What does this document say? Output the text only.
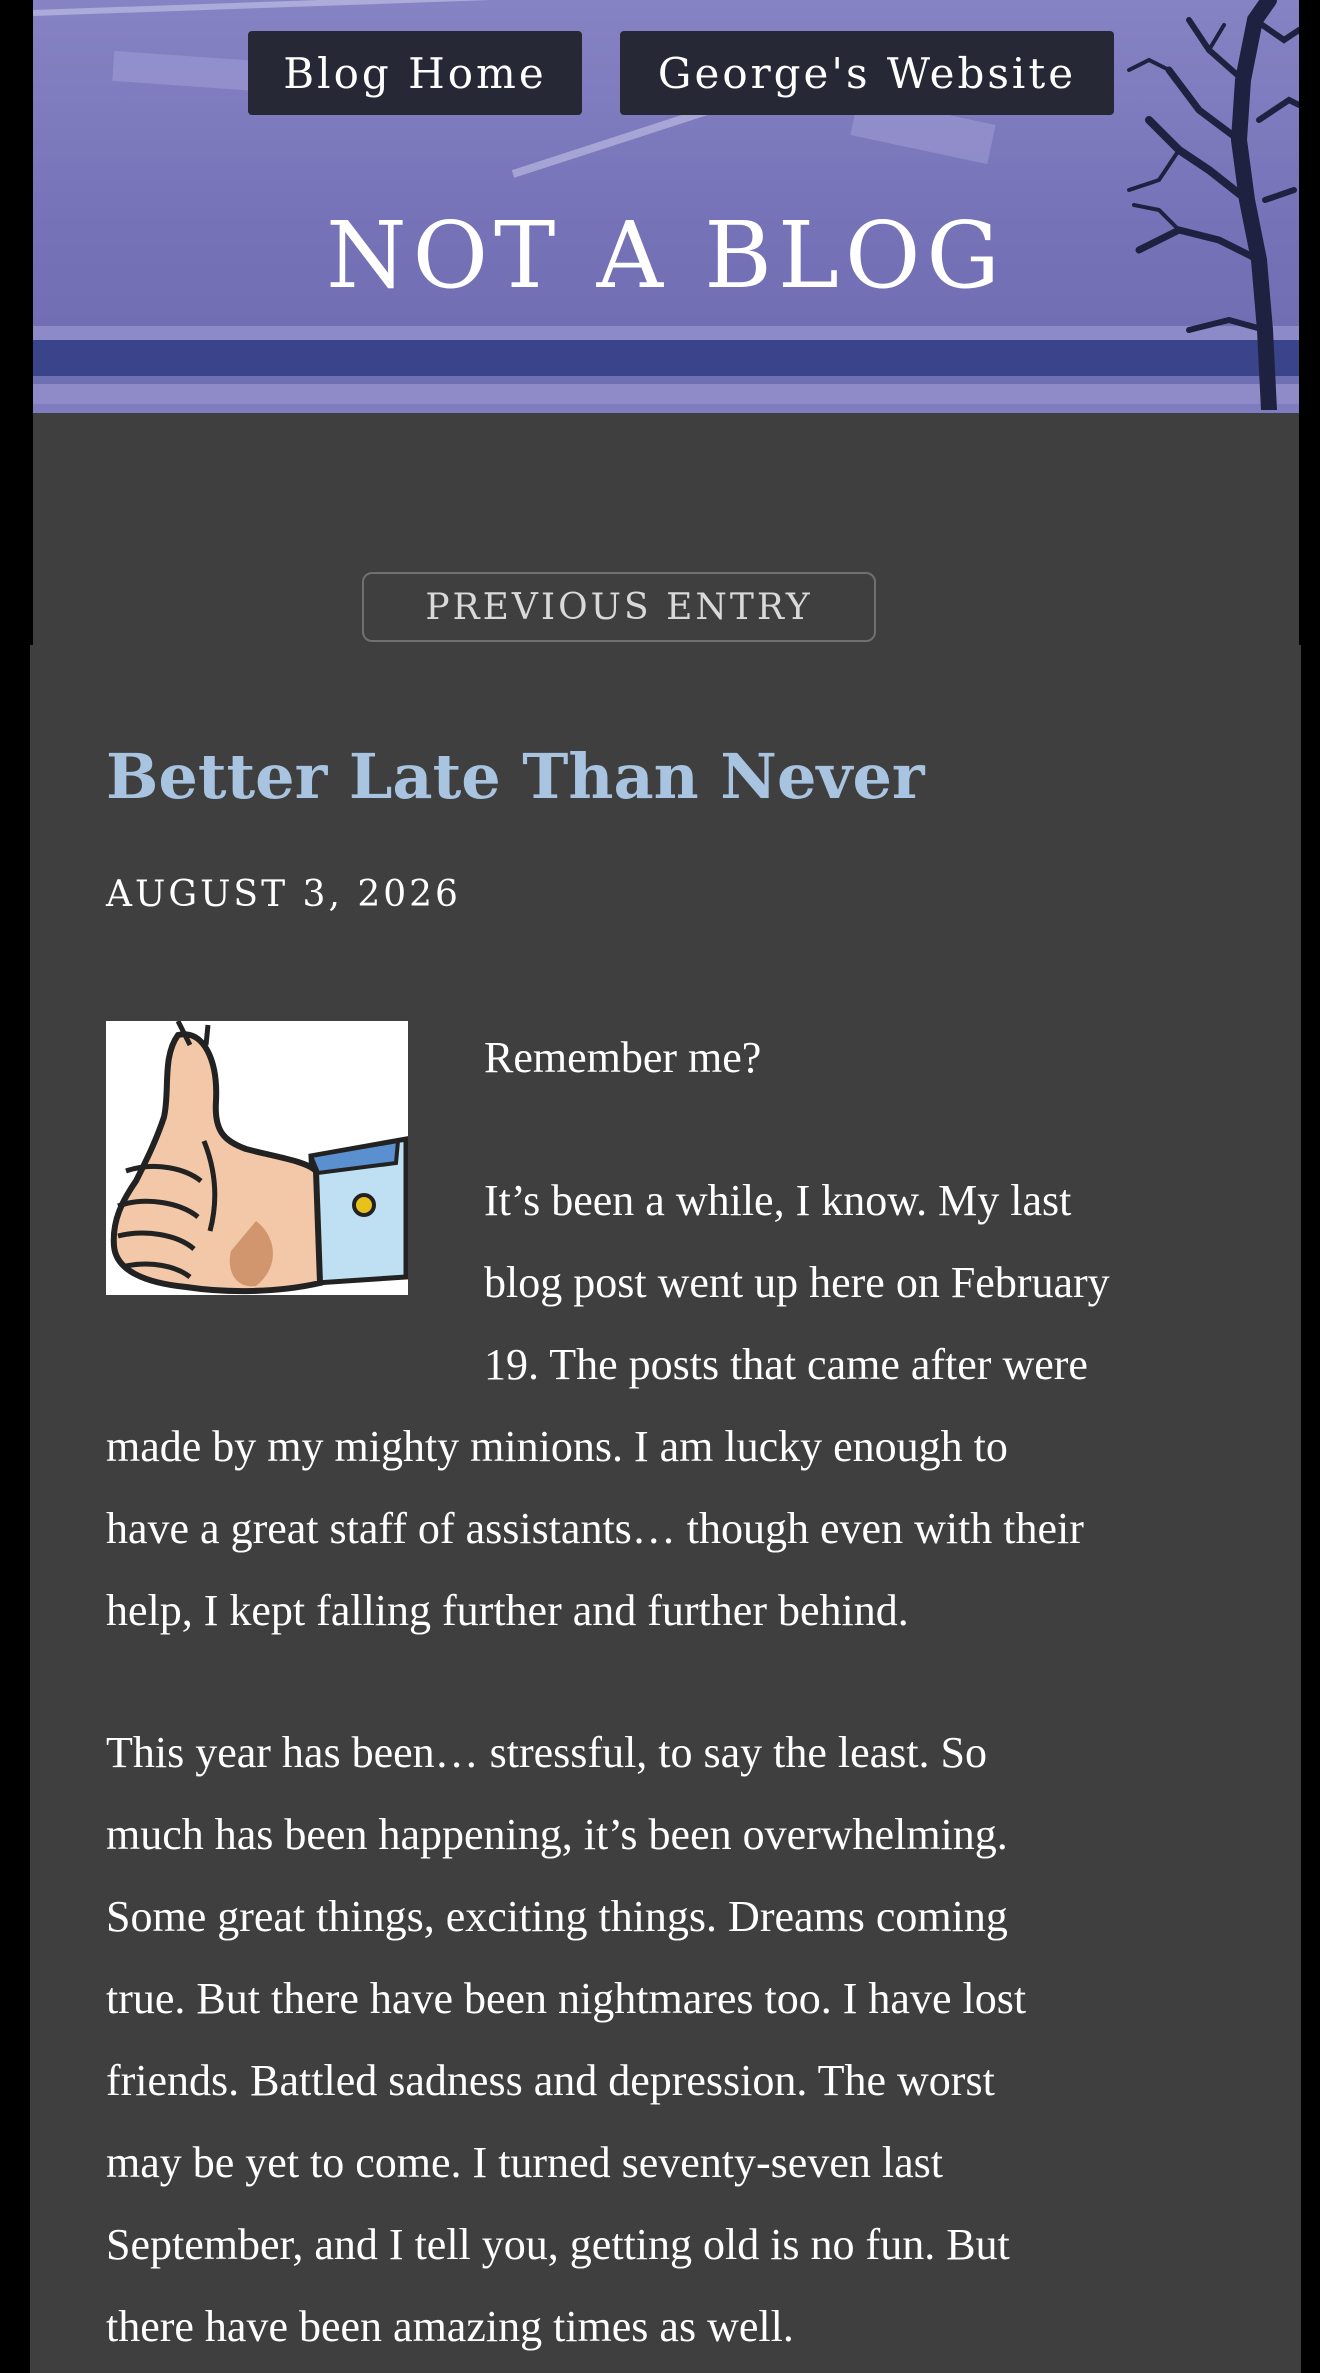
Blog Home	George's Website
NOT A BLOG
PREVIOUS ENTRY
Better Late Than Never
AUGUST 3, 2026

Remember me?

It’s been a while, I know. My last
blog post went up here on February
19. The posts that came after were

made by my mighty minions. I am lucky enough to
have a great staff of assistants… though even with their
help, I kept falling further and further behind.

This year has been… stressful, to say the least. So
much has been happening, it’s been overwhelming.
Some great things, exciting things. Dreams coming
true. But there have been nightmares too. I have lost
friends. Battled sadness and depression. The worst
may be yet to come. I turned seventy-seven last
September, and I tell you, getting old is no fun. But
there have been amazing times as well.
